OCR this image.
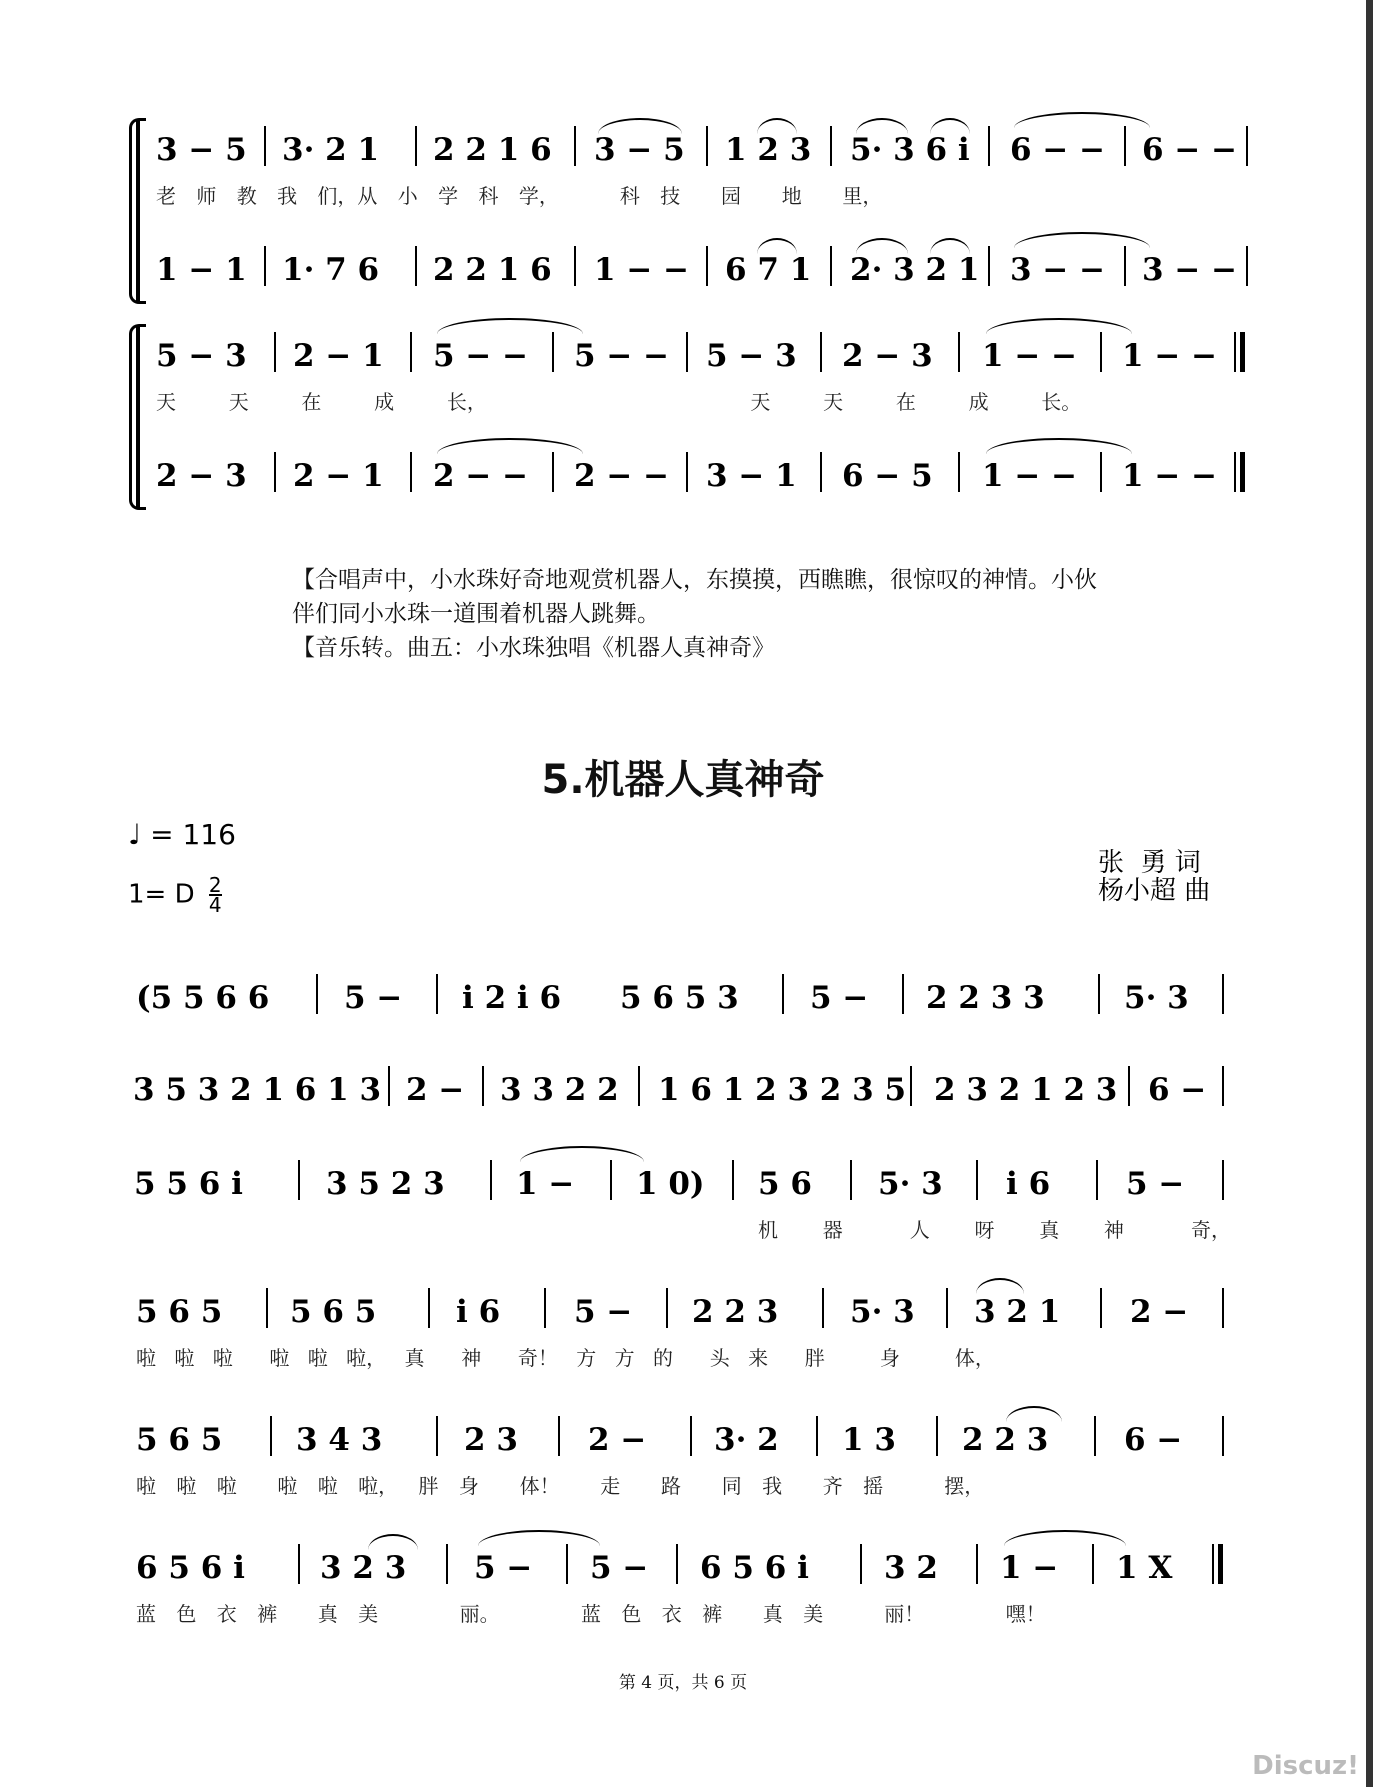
3 − 5 3· 2 1 2 2 1 6 3 − 5 1 2 3 5· 3 6 i 6 − − 6 − −
老 师 教 我 们，从 小 学 科 学，   科 技  园  地  里，
1 − 1 1· 7 6 2 2 1 6 1 − − 6 7 1 2· 3 2 1 3 − − 3 − −
5 − 3 2 − 1 5 − − 5 − − 5 − 3 2 − 3 1 − − 1 − −
天  天  在  成  长，          天  天  在  成  长。
2 − 3 2 − 1 2 − − 2 − − 3 − 1 6 − 5 1 − − 1 − −
【合唱声中，小水珠好奇地观赏机器人，东摸摸，西瞧瞧，很惊叹的神情。小伙
伴们同小水珠一道围着机器人跳舞。
【音乐转。曲五：小水珠独唱《机器人真神奇》
5.机器人真神奇
♩ = 116
1= D $\frac{2}{4}$
张  勇 词
杨小超 曲
(5 5 6 6 5 − i 2 i 6 5 6 5 3 5 − 2 2 3 3	5· 3
3 5 3 2 1 6 1 3 2 − 3 3 2 2 1 6 1 2 3 2 3 5 2 3 2 1 2 3 6 −
5 5 6 i	3 5 2 3 1 − 1 0) 5 6 5· 3 i 6 5 −
机  器   人  呀  真  神   奇，
5 6 5 5 6 5	i 6 5 − 2 2 3 5· 3 3 2 1 2 −
啦 啦 啦  啦 啦 啦， 真  神  奇！ 方 方 的  头 来  胖   身   体，
5 6 5 3 4 3	2 3 2 − 3· 2 1 3 2 2 3 6 −
啦 啦 啦  啦 啦 啦， 胖 身  体！  走  路  同 我  齐 摇   摆，
6 5 6 i 3 2 3 5 − 5 − 6 5 6 i 3 2 1 − 1 X
蓝 色 衣 裤  真 美    丽。    蓝 色 衣 裤  真 美   丽！    嘿！
第 4 页，共 6 页
Discuz!
